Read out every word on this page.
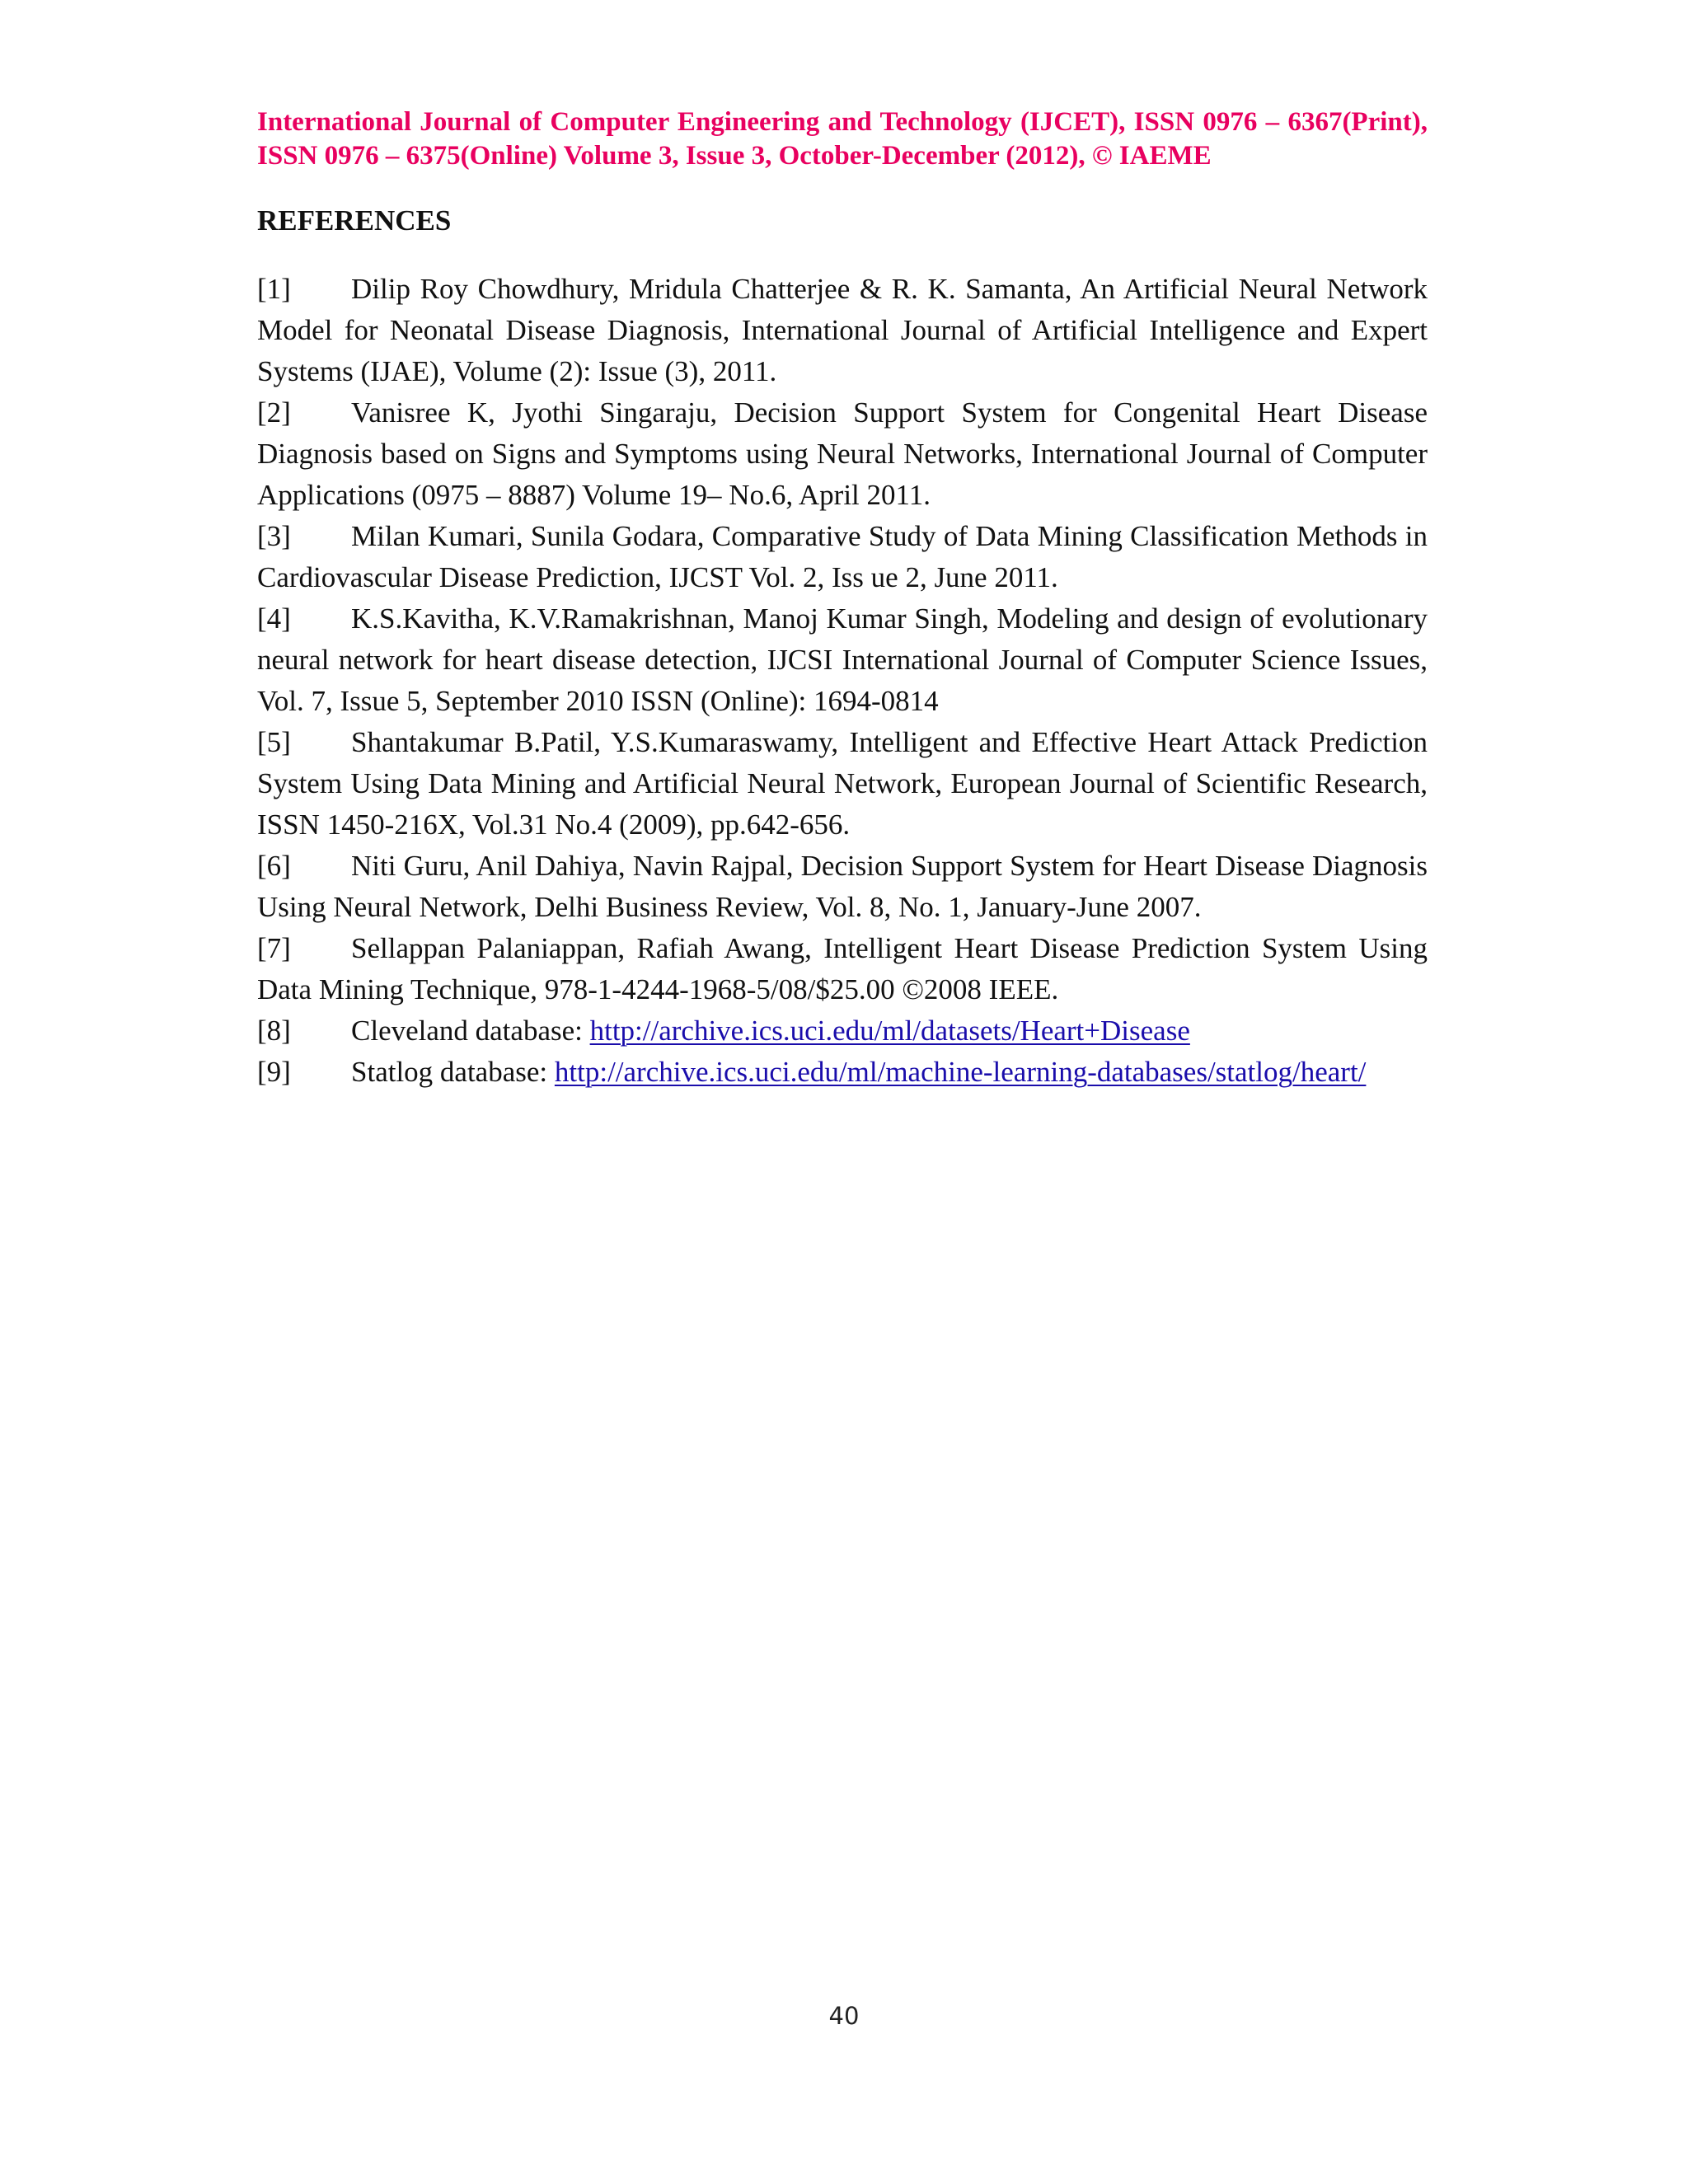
International Journal of Computer Engineering and Technology (IJCET), ISSN 0976 – 6367(Print), ISSN 0976 – 6375(Online) Volume 3, Issue 3, October-December (2012), © IAEME
REFERENCES
[1] Dilip Roy Chowdhury, Mridula Chatterjee & R. K. Samanta, An Artificial Neural Network Model for Neonatal Disease Diagnosis, International Journal of Artificial Intelligence and Expert Systems (IJAE), Volume (2): Issue (3), 2011.
[2] Vanisree K, Jyothi Singaraju, Decision Support System for Congenital Heart Disease Diagnosis based on Signs and Symptoms using Neural Networks, International Journal of Computer Applications (0975 – 8887) Volume 19– No.6, April 2011.
[3] Milan Kumari, Sunila Godara, Comparative Study of Data Mining Classification Methods in Cardiovascular Disease Prediction, IJCST Vol. 2, Iss ue 2, June 2011.
[4] K.S.Kavitha, K.V.Ramakrishnan, Manoj Kumar Singh, Modeling and design of evolutionary neural network for heart disease detection, IJCSI International Journal of Computer Science Issues, Vol. 7, Issue 5, September 2010 ISSN (Online): 1694-0814
[5] Shantakumar B.Patil, Y.S.Kumaraswamy, Intelligent and Effective Heart Attack Prediction System Using Data Mining and Artificial Neural Network, European Journal of Scientific Research, ISSN 1450-216X, Vol.31 No.4 (2009), pp.642-656.
[6] Niti Guru, Anil Dahiya, Navin Rajpal, Decision Support System for Heart Disease Diagnosis Using Neural Network, Delhi Business Review, Vol. 8, No. 1, January-June 2007.
[7] Sellappan Palaniappan, Rafiah Awang, Intelligent Heart Disease Prediction System Using Data Mining Technique, 978-1-4244-1968-5/08/$25.00 ©2008 IEEE.
[8] Cleveland database: http://archive.ics.uci.edu/ml/datasets/Heart+Disease
[9] Statlog database: http://archive.ics.uci.edu/ml/machine-learning-databases/statlog/heart/
40
